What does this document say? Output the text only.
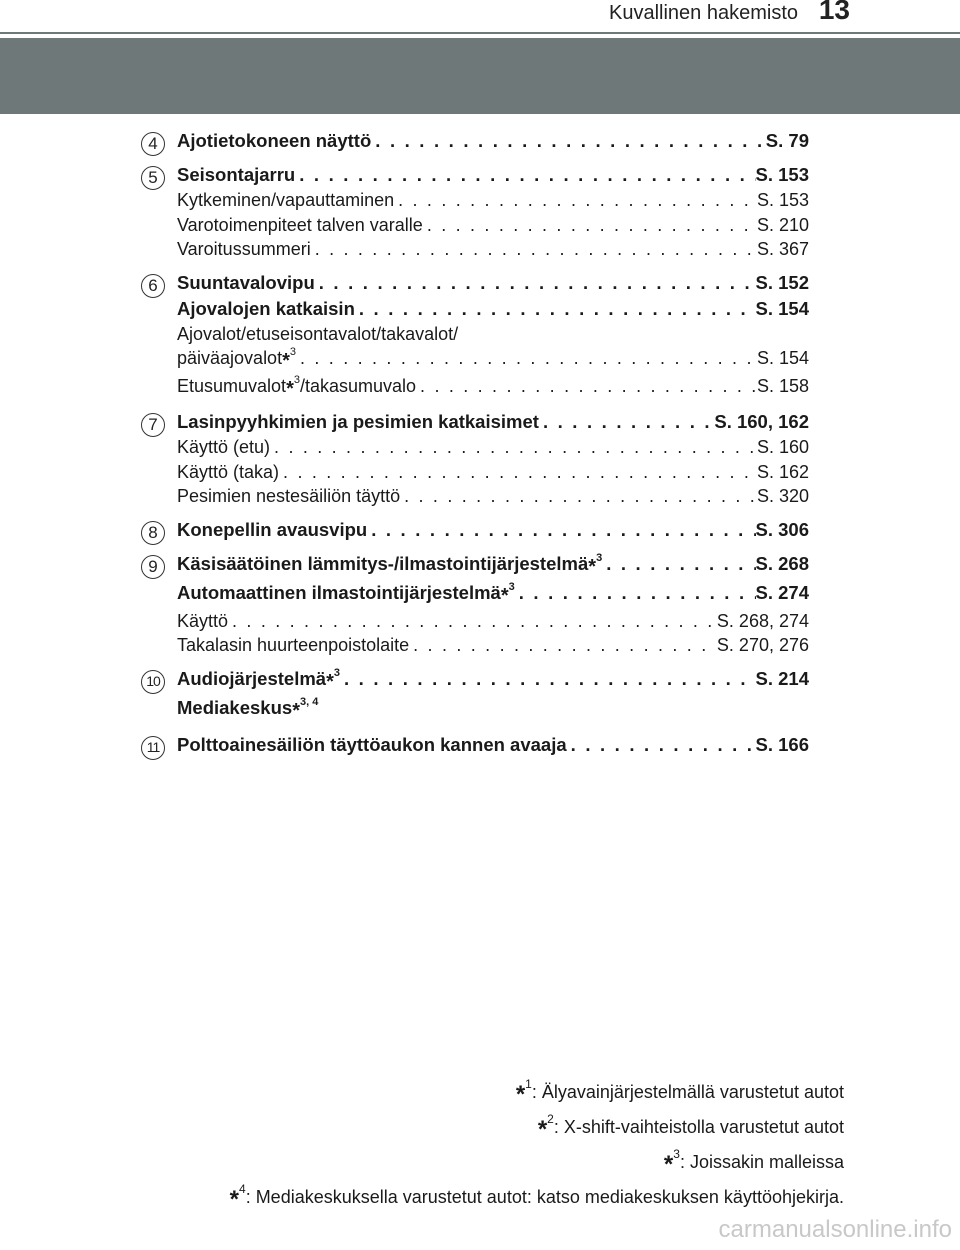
Kuvallinen hakemisto 13
4	Ajotietokoneen näyttö . . .	S. 79
5	Seisontajarru . . .	S. 153
Kytkeminen/vapauttaminen . . .	S. 153
Varotoimenpiteet talven varalle . . .	S. 210
Varoitussummeri . . .	S. 367
6	Suuntavalovipu . . .	S. 152
Ajovalojen katkaisin . . .	S. 154
Ajovalot/etuseisontavalot/takavalot/
päiväajovalot*$^3$ . . .	S. 154
Etusumuvalot*$^3$/takasumuvalo . . .	S. 158
7	Lasinpyyhkimien ja pesimien katkaisimet . . .	S. 160, 162
Käyttö (etu) . . .	S. 160
Käyttö (taka) . . .	S. 162
Pesimien nestesäiliön täyttö . . .	S. 320
8	Konepellin avausvipu . . .	S. 306
9	Käsisäätöinen lämmitys-/ilmastointijärjestelmä*$^3$ . . .	S. 268
Automaattinen ilmastointijärjestelmä*$^3$ . . .	S. 274
Käyttö . . .	S. 268, 274
Takalasin huurteenpoistolaite . . .	S. 270, 276
10 Audiojärjestelmä*$^3$ . . .	S. 214
Mediakeskus*$^{3, 4}$
11 Polttoainesäiliön täyttöaukon kannen avaaja . . .	S. 166
*$^1$: Älyavainjärjestelmällä varustetut autot
*$^2$: X-shift-vaihteistolla varustetut autot
*$^3$: Joissakin malleissa
*$^4$: Mediakeskuksella varustetut autot: katso mediakeskuksen käyttöohjekirja.
carmanualsonline.info
